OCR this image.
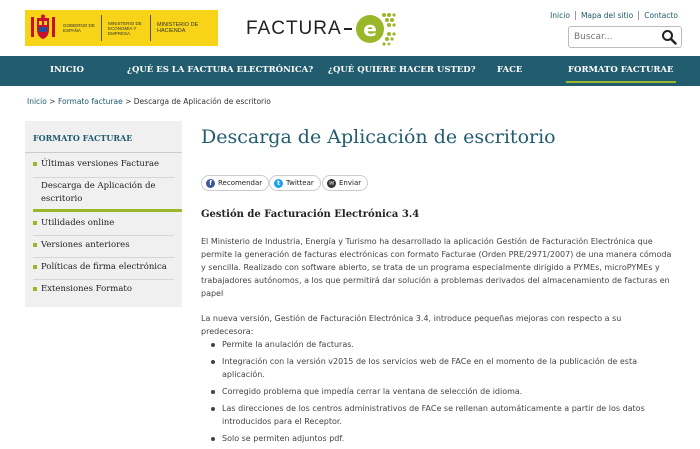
GOBIERNO DE ESPAÑA
MINISTERIO DE ECONOMÍA Y EMPRESA
MINISTERIO DE HACIENDA	FACTURA e
Inicio	Mapa del sitio	Contacto
Buscar...
INICIO	¿QUÉ ES LA FACTURA ELECTRÓNICA? ¿QUÉ QUIERE HACER USTED?	FACE	FORMATO FACTURAE
Inicio > Formato facturae > Descarga de Aplicación de escritorio
FORMATO FACTURAE
Últimas versiones Facturae
Descarga de Aplicación de escritorio
Utilidades online
Versiones anteriores
Políticas de firma electrónica
Extensiones Formato
Descarga de Aplicación de escritorio
f Recomendar	t Twittear	✉ Enviar
Gestión de Facturación Electrónica 3.4

El Ministerio de Industria, Energía y Turismo ha desarrollado la aplicación Gestión de Facturación Electrónica que permite la generación de facturas electrónicas con formato Facturae (Orden PRE/2971/2007) de una manera cómoda y sencilla. Realizado con software abierto, se trata de un programa especialmente dirigido a PYMEs, microPYMEs y trabajadores autónomos, a los que permitirá dar solución a problemas derivados del almacenamiento de facturas en papel

La nueva versión, Gestión de Facturación Electrónica 3.4, introduce pequeñas mejoras con respecto a su predecesora:

Permite la anulación de facturas.
Integración con la versión v2015 de los servicios web de FACe en el momento de la publicación de esta aplicación.
Corregido problema que impedía cerrar la ventana de selección de idioma.
Las direcciones de los centros administrativos de FACe se rellenan automáticamente a partir de los datos introducidos para el Receptor.
Solo se permiten adjuntos pdf.
